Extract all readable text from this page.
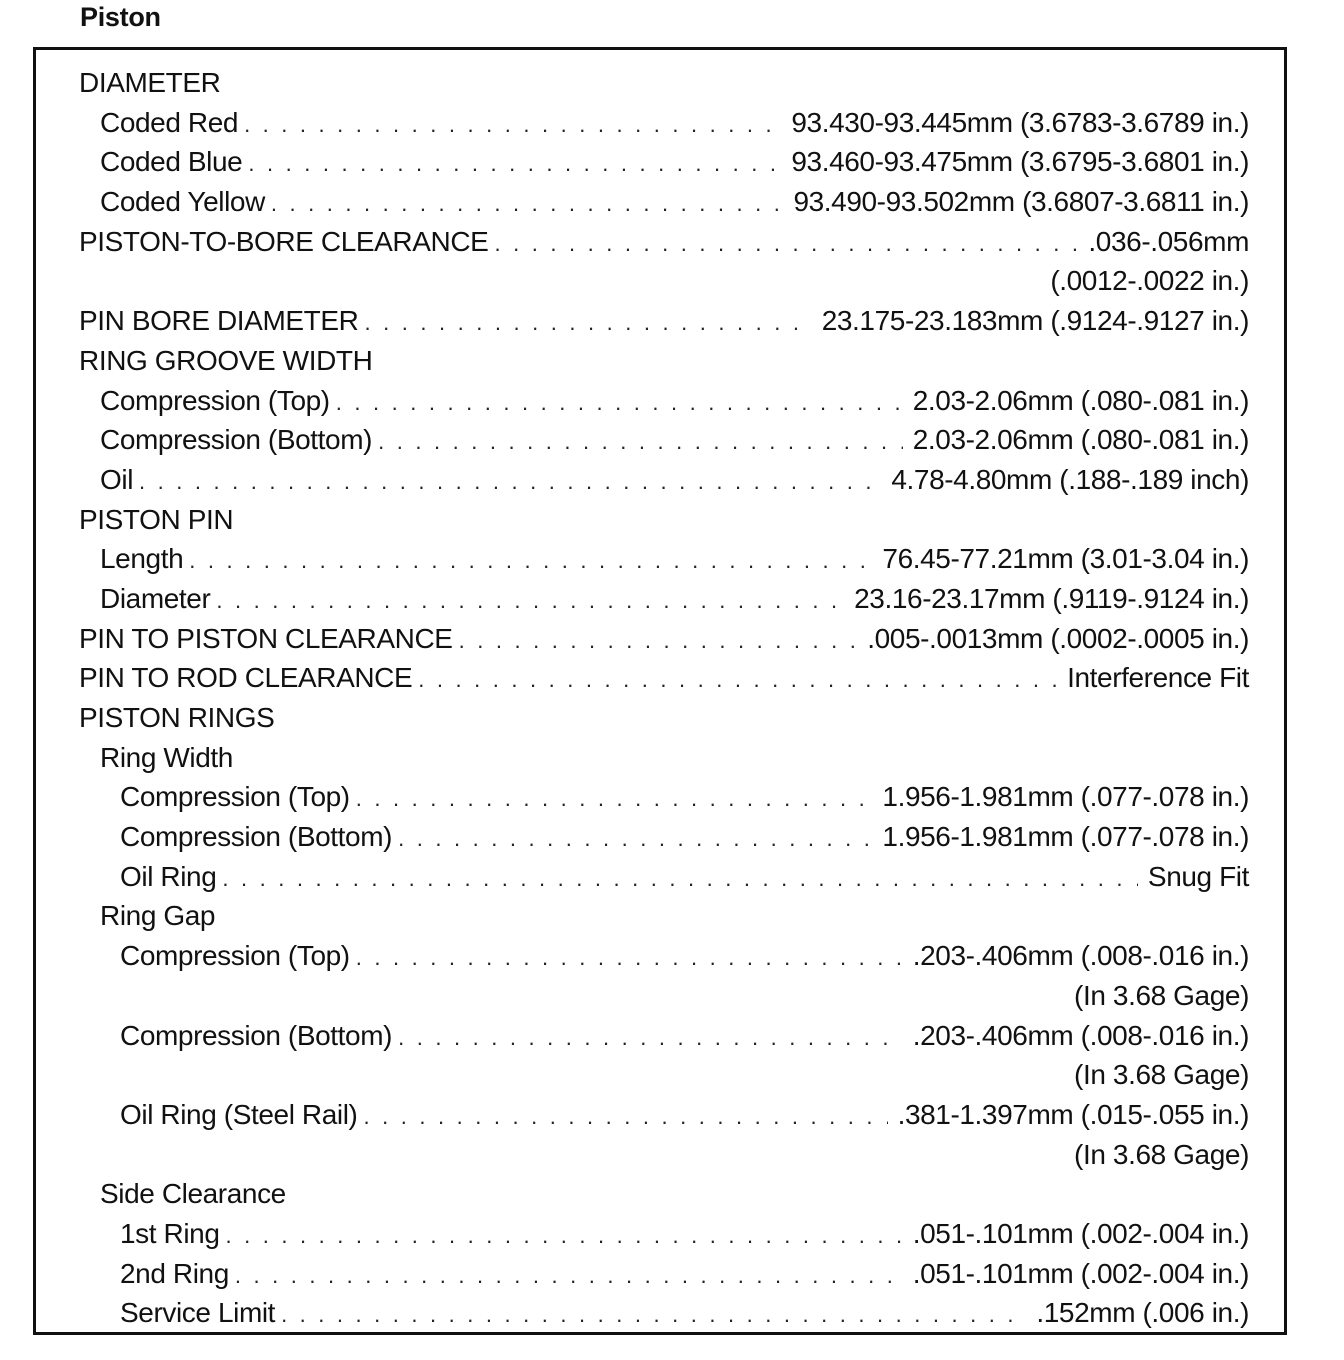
Piston
DIAMETER
Coded Red . . .	93.430-93.445mm (3.6783-3.6789 in.)
Coded Blue . . .	93.460-93.475mm (3.6795-3.6801 in.)
Coded Yellow . . .	93.490-93.502mm (3.6807-3.6811 in.)
PISTON-TO-BORE CLEARANCE . . .	.036-.056mm
(.0012-.0022 in.)
PIN BORE DIAMETER . . .	23.175-23.183mm (.9124-.9127 in.)
RING GROOVE WIDTH
Compression (Top) . . .	2.03-2.06mm (.080-.081 in.)
Compression (Bottom) . . .	2.03-2.06mm (.080-.081 in.)
Oil . . .	4.78-4.80mm (.188-.189 inch)
PISTON PIN
Length . . .	76.45-77.21mm (3.01-3.04 in.)
Diameter . . .	23.16-23.17mm (.9119-.9124 in.)
PIN TO PISTON CLEARANCE . . .	.005-.0013mm (.0002-.0005 in.)
PIN TO ROD CLEARANCE . . .	Interference Fit
PISTON RINGS
Ring Width
Compression (Top) . . .	1.956-1.981mm (.077-.078 in.)
Compression (Bottom) . . .	1.956-1.981mm (.077-.078 in.)
Oil Ring . . .	Snug Fit
Ring Gap
Compression (Top) . . .	.203-.406mm (.008-.016 in.)
(In 3.68 Gage)
Compression (Bottom) . . .	.203-.406mm (.008-.016 in.)
(In 3.68 Gage)
Oil Ring (Steel Rail) . . .	.381-1.397mm (.015-.055 in.)
(In 3.68 Gage)
Side Clearance
1st Ring . . .	.051-.101mm (.002-.004 in.)
2nd Ring . . .	.051-.101mm (.002-.004 in.)
Service Limit . . .	.152mm (.006 in.)
